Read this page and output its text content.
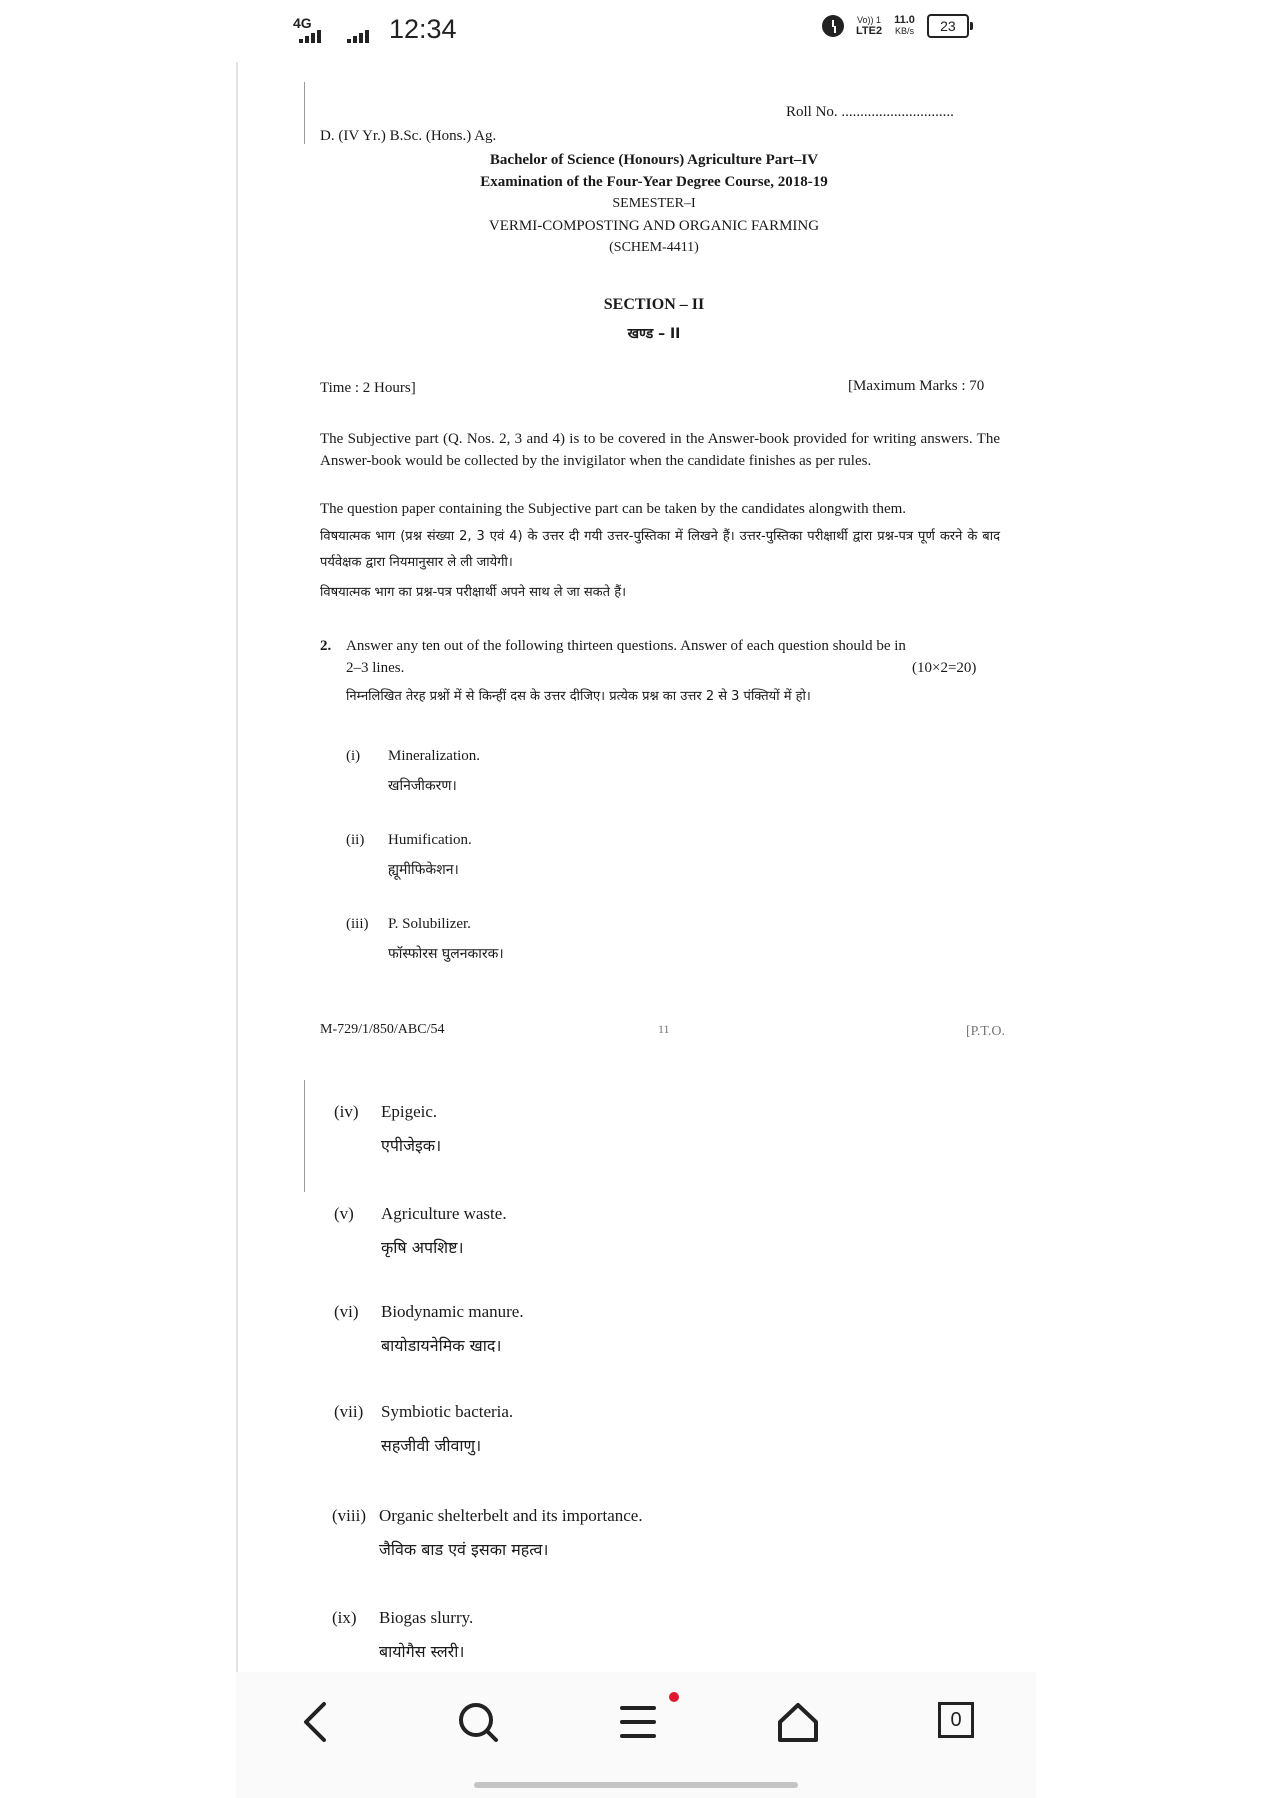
4G	12:34	Vo)) 1
LTE2
11.0
KB/s	23
Roll No. ..............................
D. (IV Yr.) B.Sc. (Hons.) Ag.
Bachelor of Science (Honours) Agriculture Part–IV
Examination of the Four-Year Degree Course, 2018-19
SEMESTER–I
VERMI-COMPOSTING AND ORGANIC FARMING
(SCHEM-4411)
SECTION – II
खण्ड – II
Time : 2 Hours]	[Maximum Marks : 70
The Subjective part (Q. Nos. 2, 3 and 4) is to be covered in the Answer-book provided for writing answers. The Answer-book would be collected by the invigilator when the candidate finishes as per rules.
The question paper containing the Subjective part can be taken by the candidates alongwith them.
विषयात्मक भाग (प्रश्न संख्या 2, 3 एवं 4) के उत्तर दी गयी उत्तर-पुस्तिका में लिखने हैं। उत्तर-पुस्तिका परीक्षार्थी द्वारा प्रश्न-पत्र पूर्ण करने के बाद पर्यवेक्षक द्वारा नियमानुसार ले ली जायेगी।
विषयात्मक भाग का प्रश्न-पत्र परीक्षार्थी अपने साथ ले जा सकते हैं।
2. Answer any ten out of the following thirteen questions. Answer of each question should be in
2–3 lines.	(10×2=20)
निम्नलिखित तेरह प्रश्नों में से किन्हीं दस के उत्तर दीजिए। प्रत्येक प्रश्न का उत्तर 2 से 3 पंक्तियों में हो।
(i) Mineralization.
खनिजीकरण।
(ii) Humification.
ह्यूमीफिकेशन।
(iii) P. Solubilizer.
फॉस्फोरस घुलनकारक।
M-729/1/850/ABC/54	11	[P.T.O.
(iv) Epigeic.
एपीजेइक।
(v) Agriculture waste.
कृषि अपशिष्ट।
(vi) Biodynamic manure.
बायोडायनेमिक खाद।
(vii) Symbiotic bacteria.
सहजीवी जीवाणु।
(viii) Organic shelterbelt and its importance.
जैविक बाड एवं इसका महत्व।
(ix) Biogas slurry.
बायोगैस स्लरी।
0
